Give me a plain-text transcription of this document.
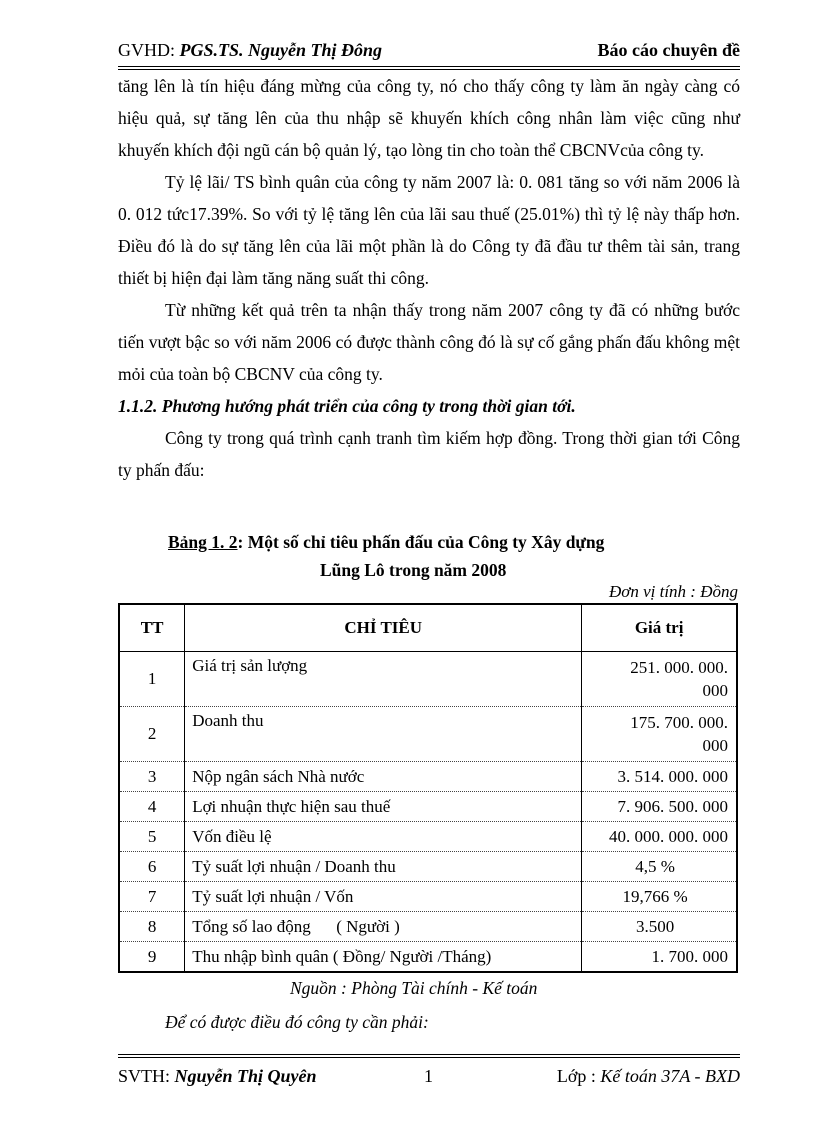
GVHD: PGS.TS. Nguyễn Thị Đông	Báo cáo chuyên đề

tăng lên là tín hiệu đáng mừng của công ty, nó cho thấy công ty làm ăn ngày càng có hiệu quả, sự tăng lên của thu nhập sẽ khuyến khích công nhân làm việc cũng như khuyến khích đội ngũ cán bộ quản lý, tạo lòng tin cho toàn thể CBCNVcủa công ty.

Tỷ lệ lãi/ TS bình quân của công ty năm 2007 là: 0. 081 tăng so với năm 2006 là 0. 012 tức17.39%. So với tỷ lệ tăng lên của lãi sau thuế (25.01%) thì tỷ lệ này thấp hơn. Điều đó là do sự tăng lên của lãi một phần là do Công ty đã đầu tư thêm tài sản, trang thiết bị hiện đại làm tăng năng suất thi công.

Từ những kết quả trên ta nhận thấy trong năm 2007 công ty đã có những bước tiến vượt bậc so với năm 2006 có được thành công đó là sự cố gắng phấn đấu không mệt mỏi của toàn bộ CBCNV của công ty.

1.1.2. Phương hướng phát triển của công ty trong thời gian tới.

Công ty trong quá trình cạnh tranh tìm kiếm hợp đồng. Trong thời gian tới Công ty phấn đấu:

Bảng 1. 2: Một số chỉ tiêu phấn đấu của Công ty Xây dựng
Lũng Lô trong năm 2008
Đơn vị tính : Đồng
TT	CHỈ TIÊU	Giá trị
1	Giá trị sản lượng	251. 000. 000.
000
2	Doanh thu	175. 700. 000.
000
3	Nộp ngân sách Nhà nước	3. 514. 000. 000
4	Lợi nhuận thực hiện sau thuế	7. 906. 500. 000
5	Vốn điều lệ	40. 000. 000. 000
6	Tỷ suất lợi nhuận / Doanh thu	4,5 %
7	Tỷ suất lợi nhuận / Vốn	19,766 %
8	Tổng số lao động      ( Người )	3.500
9	Thu nhập bình quân ( Đồng/ Người /Tháng)	1. 700. 000
Nguồn : Phòng Tài chính - Kế toán
Để có được điều đó công ty cần phải:
SVTH: Nguyễn Thị Quyên	1	Lớp : Kế toán 37A - BXD
